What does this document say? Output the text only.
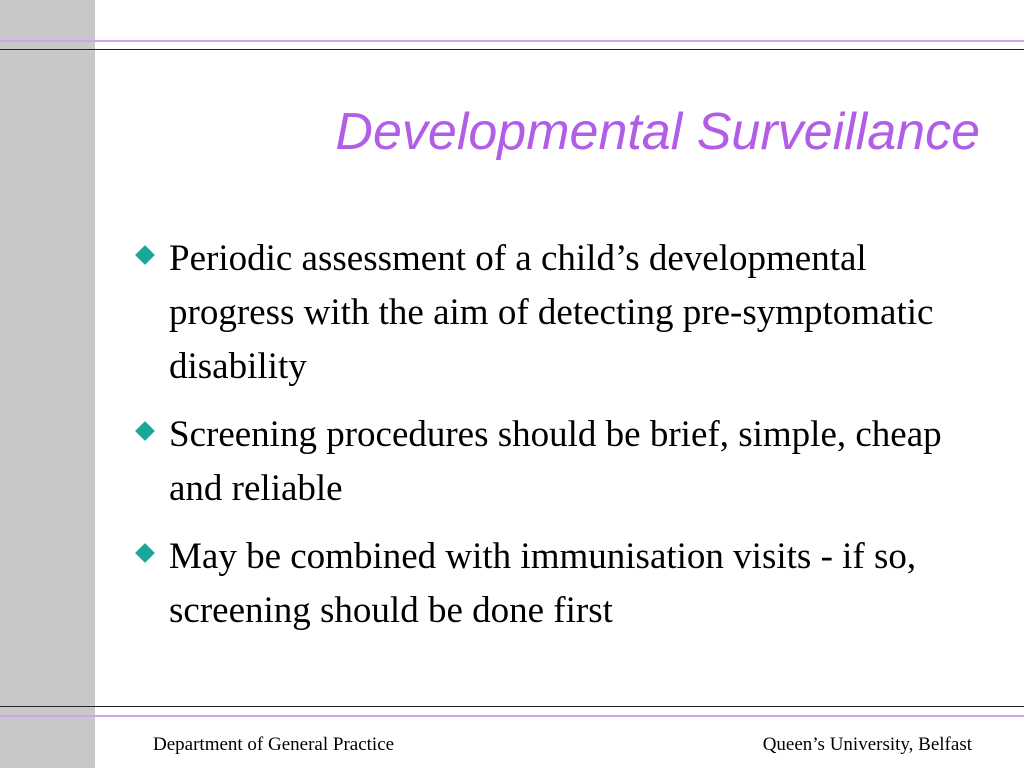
Developmental Surveillance
Periodic assessment of a child’s developmental progress with the aim of detecting pre-symptomatic disability
Screening procedures should be brief, simple, cheap and reliable
May be combined with immunisation visits - if so, screening should be done first
Department of General Practice	Queen’s University, Belfast
